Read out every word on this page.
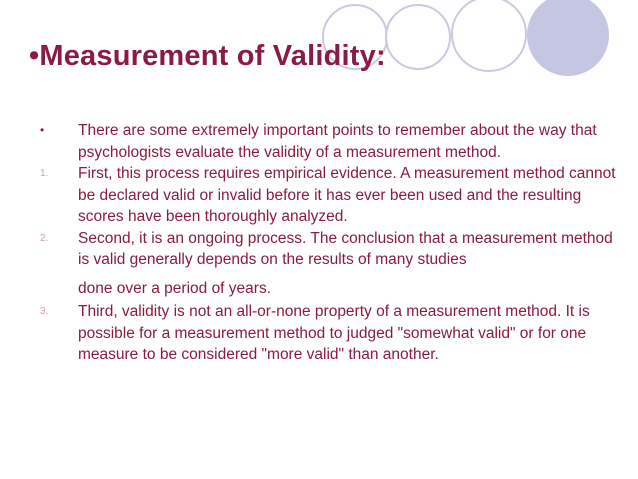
•Measurement of Validity:
• There are some extremely important points to remember about the way that psychologists evaluate the validity of a measurement method.
1. First, this process requires empirical evidence. A measurement method cannot be declared valid or invalid before it has ever been used and the resulting scores have been thoroughly analyzed.
2. Second, it is an ongoing process. The conclusion that a measurement method is valid generally depends on the results of many studies
done over a period of years.
3. Third, validity is not an all-or-none property of a measurement method. It is possible for a measurement method to judged "somewhat valid" or for one measure to be considered "more valid" than another.
